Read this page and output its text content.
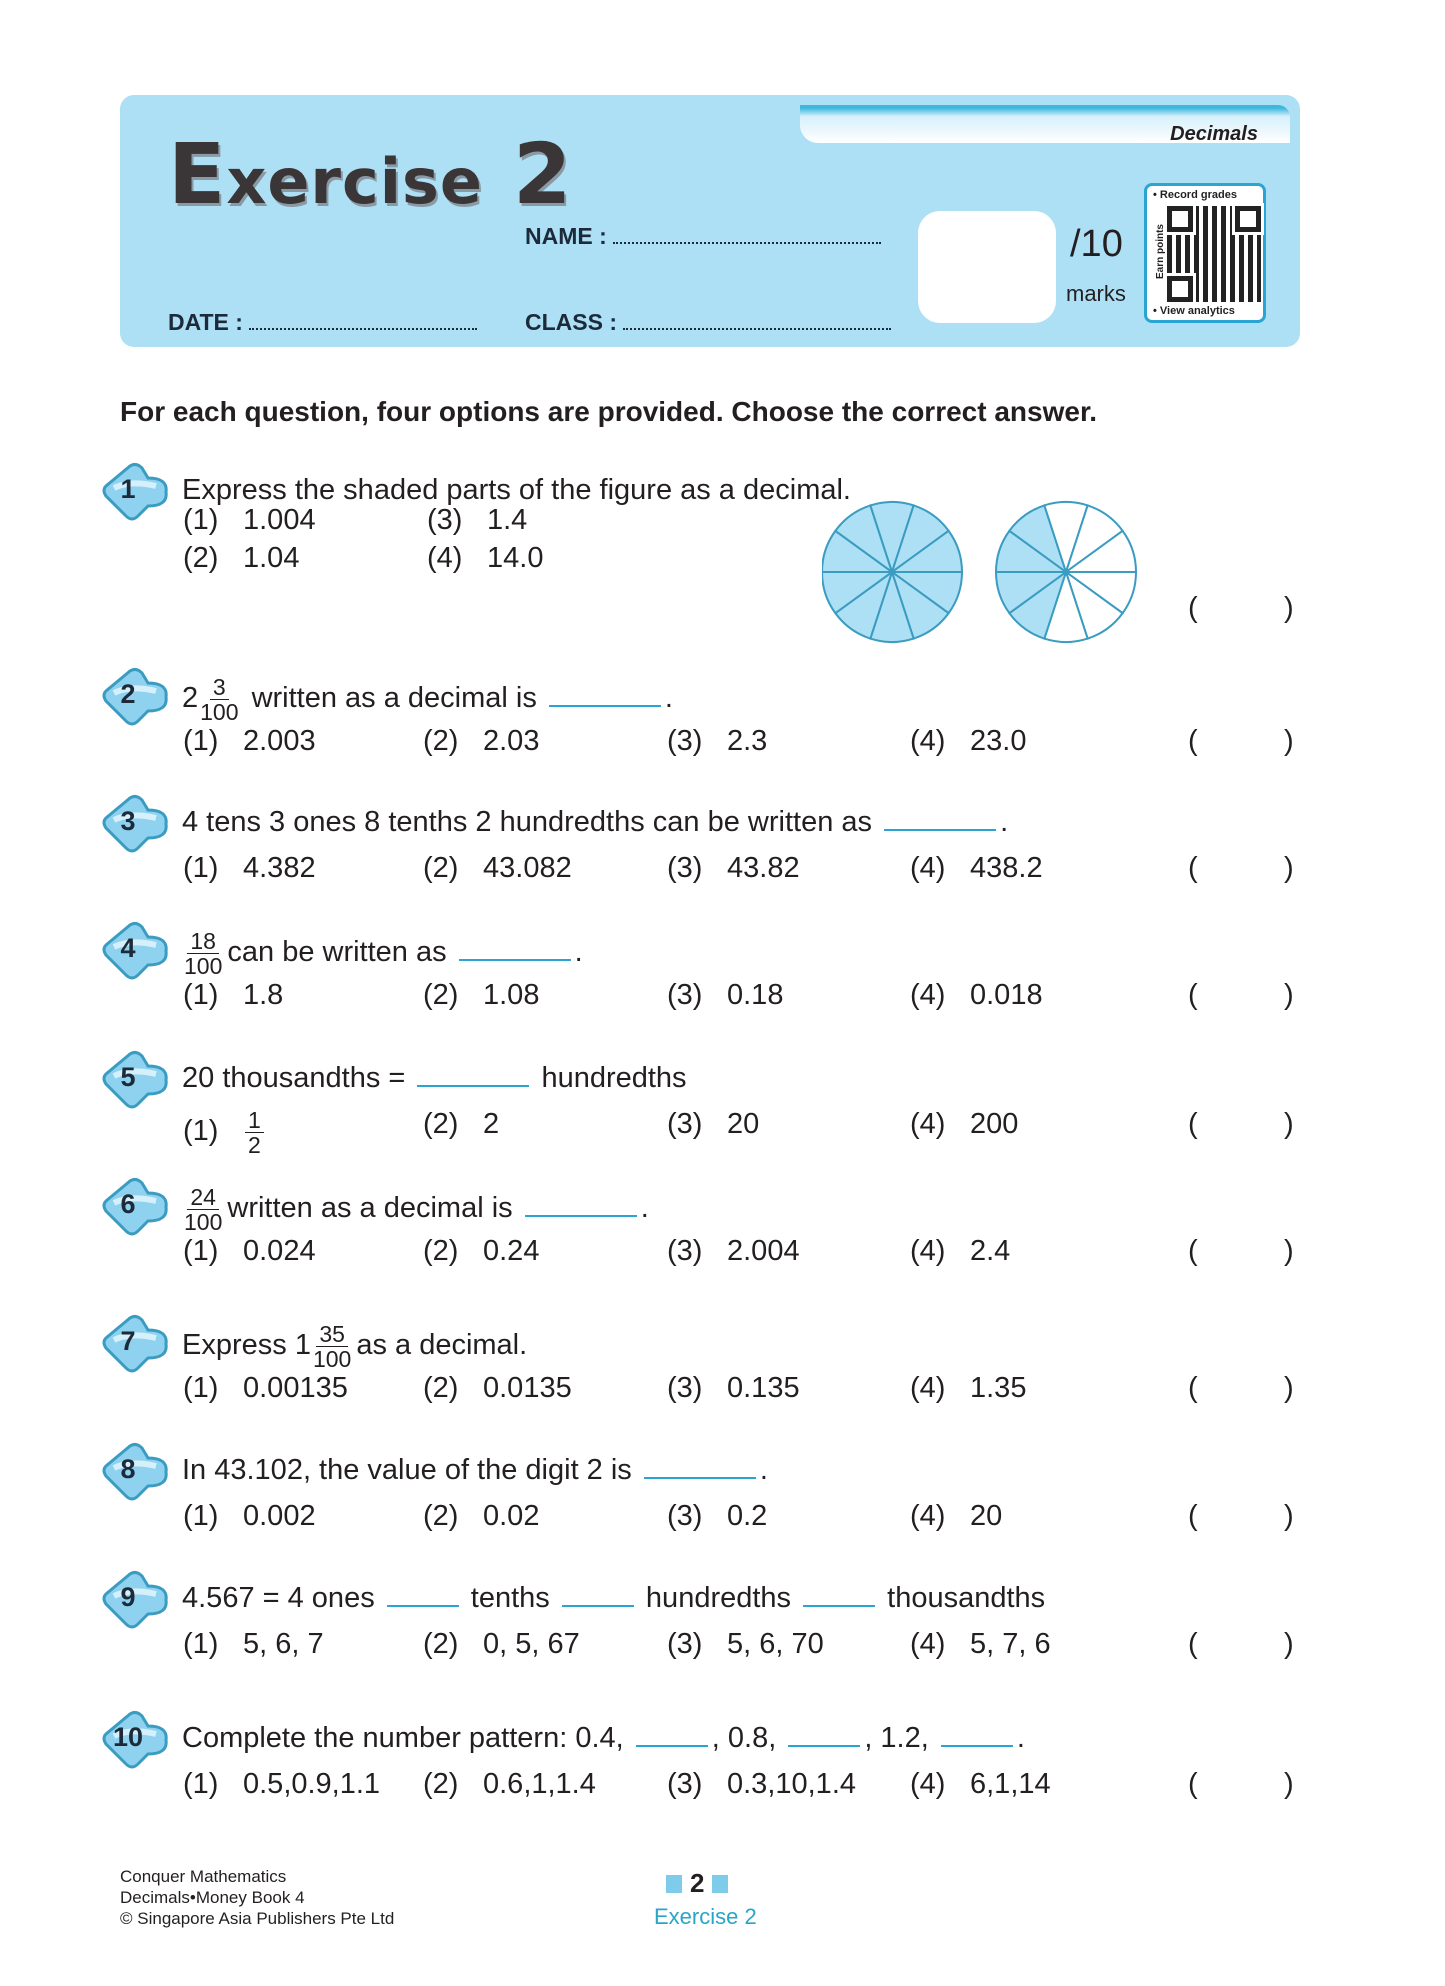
Decimals
Exercise 2
NAME :
DATE :	CLASS :
/10
marks
• Record grades
Earn points
• View analytics
For each question, four options are provided. Choose the correct answer.
1	Express the shaded parts of the figure as a decimal.
(1) 1.004
(2) 1.04
(3) 1.4
(4) 14.0
(	)
2	$2 \frac{3}{100}$ written as a decimal is	.
(1) 2.003	(2) 2.03	(3) 2.3	(4) 23.0	(	)
3	4 tens 3 ones 8 tenths 2 hundredths can be written as	.
(1) 4.382	(2) 43.082	(3) 43.82	(4) 438.2	(	)
4	$\frac{18}{100}$ can be written as	.
(1) 1.8	(2) 1.08	(3) 0.18	(4) 0.018	(	)
5	20 thousandths =	hundredths
$(1) \frac{1}{2}$	(2) 2	(3) 20	(4) 200	(	)
6	$\frac{24}{100}$ written as a decimal is	.
(1) 0.024	(2) 0.24	(3) 2.004	(4) 2.4	(	)
7	Express $1 \frac{35}{100}$ as a decimal.
(1) 0.00135	(2) 0.0135	(3) 0.135	(4) 1.35	(	)
8	In 43.102, the value of the digit 2 is	.
(1) 0.002	(2) 0.02	(3) 0.2	(4) 20	(	)
9	4.567 = 4 ones	tenths	hundredths	thousandths
(1) 5, 6, 7	(2) 0, 5, 67	(3) 5, 6, 70	(4) 5, 7, 6	(	)
10	Complete the number pattern: 0.4,	, 0.8,	, 1.2,	.
(1) 0.5,0.9,1.1 (2) 0.6,1,1.4 (3) 0.3,10,1.4 (4) 6,1,14	(	)
Conquer Mathematics
Decimals•Money Book 4
© Singapore Asia Publishers Pte Ltd
2
Exercise 2
